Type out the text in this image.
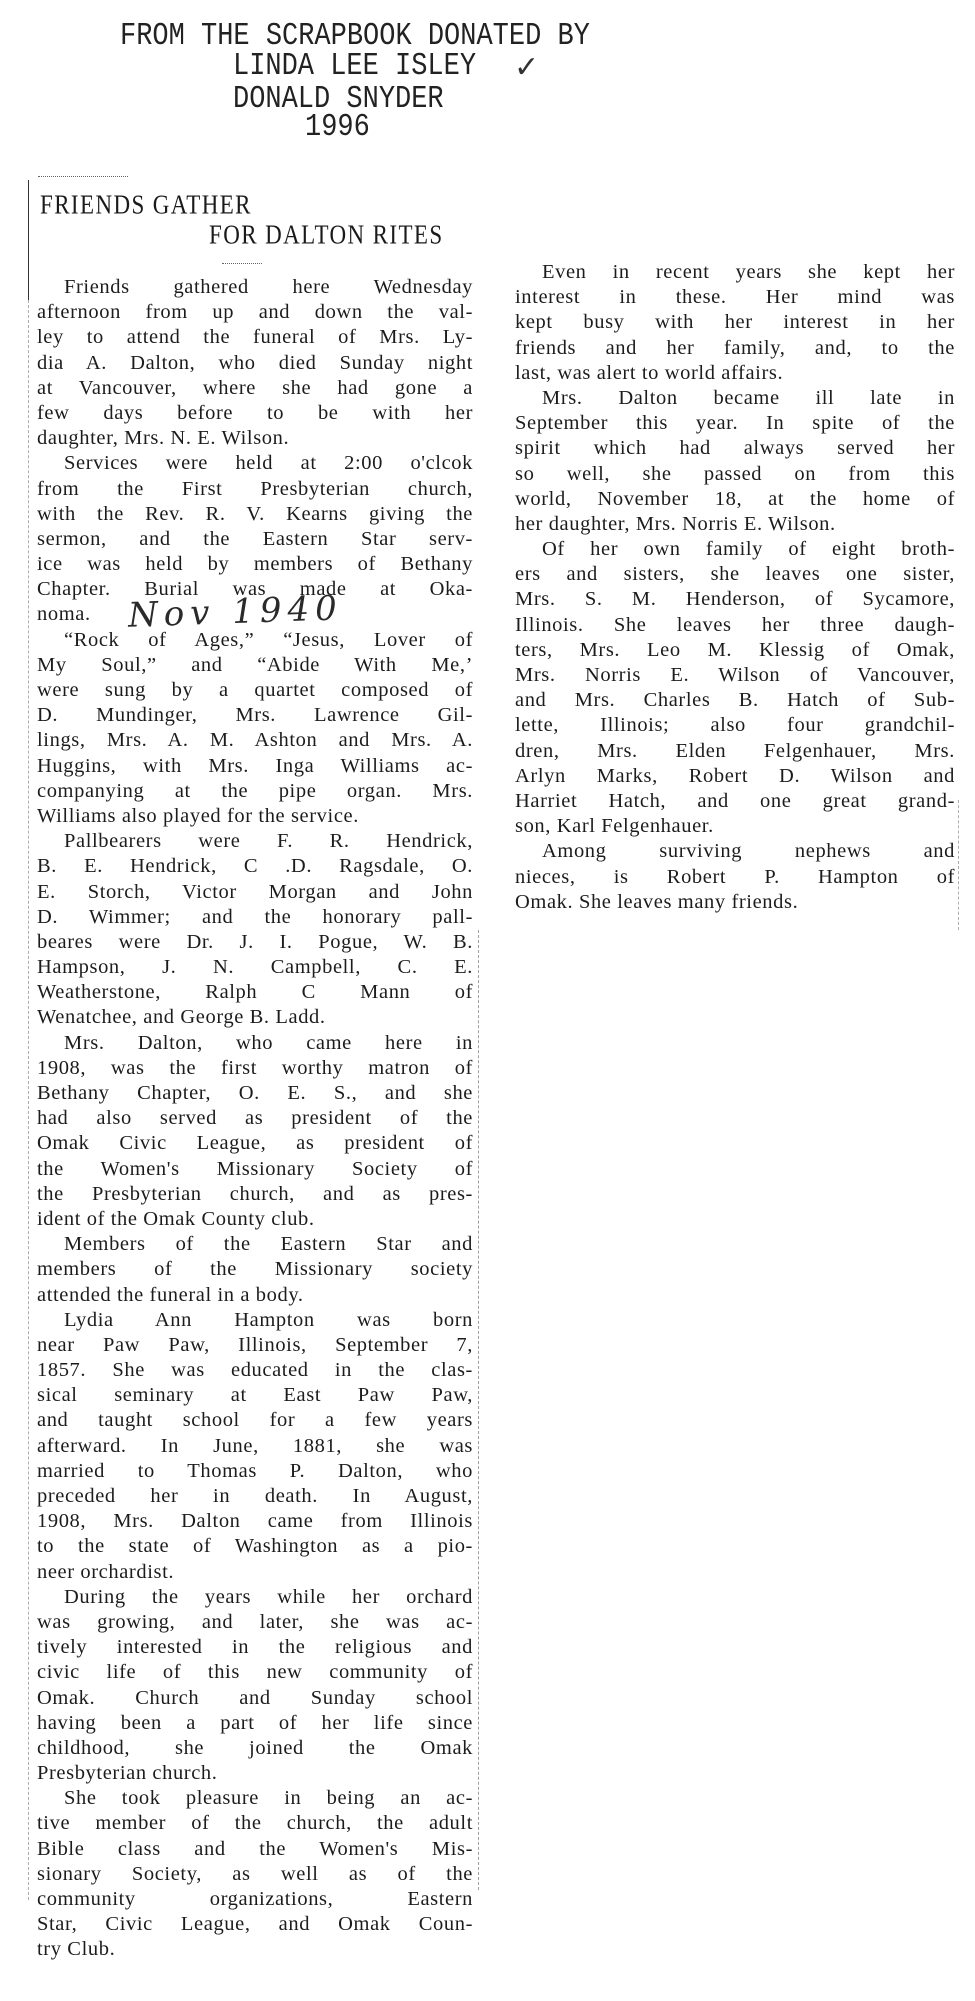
FROM THE SCRAPBOOK DONATED BY
LINDA LEE ISLEY ✓
DONALD SNYDER
1996
FRIENDS GATHER
FOR DALTON RITES
Friends gathered here Wednesday
afternoon from up and down the val-
ley to attend the funeral of Mrs. Ly-
dia A. Dalton, who died Sunday night
at Vancouver, where she had gone a
few days before to be with her
daughter, Mrs. N. E. Wilson.
Services were held at 2:00 o'clcok
from the First Presbyterian church,
with the Rev. R. V. Kearns giving the
sermon, and the Eastern Star serv-
ice was held by members of Bethany
Chapter. Burial was made at Oka-
noma.
“Rock of Ages,” “Jesus, Lover of
My Soul,” and “Abide With Me,’
were sung by a quartet composed of
D. Mundinger, Mrs. Lawrence Gil-
lings, Mrs. A. M. Ashton and Mrs. A.
Huggins, with Mrs. Inga Williams ac-
companying at the pipe organ. Mrs.
Williams also played for the service.
Pallbearers were F. R. Hendrick,
B. E. Hendrick, C .D. Ragsdale, O.
E. Storch, Victor Morgan and John
D. Wimmer; and the honorary pall-
beares were Dr. J. I. Pogue, W. B.
Hampson, J. N. Campbell, C. E.
Weatherstone, Ralph C Mann of
Wenatchee, and George B. Ladd.
Mrs. Dalton, who came here in
1908, was the first worthy matron of
Bethany Chapter, O. E. S., and she
had also served as president of the
Omak Civic League, as president of
the Women's Missionary Society of
the Presbyterian church, and as pres-
ident of the Omak County club.
Members of the Eastern Star and
members of the Missionary society
attended the funeral in a body.
Lydia Ann Hampton was born
near Paw Paw, Illinois, September 7,
1857. She was educated in the clas-
sical seminary at East Paw Paw,
and taught school for a few years
afterward. In June, 1881, she was
married to Thomas P. Dalton, who
preceded her in death. In August,
1908, Mrs. Dalton came from Illinois
to the state of Washington as a pio-
neer orchardist.
During the years while her orchard
was growing, and later, she was ac-
tively interested in the religious and
civic life of this new community of
Omak. Church and Sunday school
having been a part of her life since
childhood, she joined the Omak
Presbyterian church.
She took pleasure in being an ac-
tive member of the church, the adult
Bible class and the Women's Mis-
sionary Society, as well as of the
community organizations, Eastern
Star, Civic League, and Omak Coun-
try Club.
Even in recent years she kept her
interest in these. Her mind was
kept busy with her interest in her
friends and her family, and, to the
last, was alert to world affairs.
Mrs. Dalton became ill late in
September this year. In spite of the
spirit which had always served her
so well, she passed on from this
world, November 18, at the home of
her daughter, Mrs. Norris E. Wilson.
Of her own family of eight broth-
ers and sisters, she leaves one sister,
Mrs. S. M. Henderson, of Sycamore,
Illinois. She leaves her three daugh-
ters, Mrs. Leo M. Klessig of Omak,
Mrs. Norris E. Wilson of Vancouver,
and Mrs. Charles B. Hatch of Sub-
lette, Illinois; also four grandchil-
dren, Mrs. Elden Felgenhauer, Mrs.
Arlyn Marks, Robert D. Wilson and
Harriet Hatch, and one great grand-
son, Karl Felgenhauer.
Among surviving nephews and
nieces, is Robert P. Hampton of
Omak. She leaves many friends.
Nov 1940
